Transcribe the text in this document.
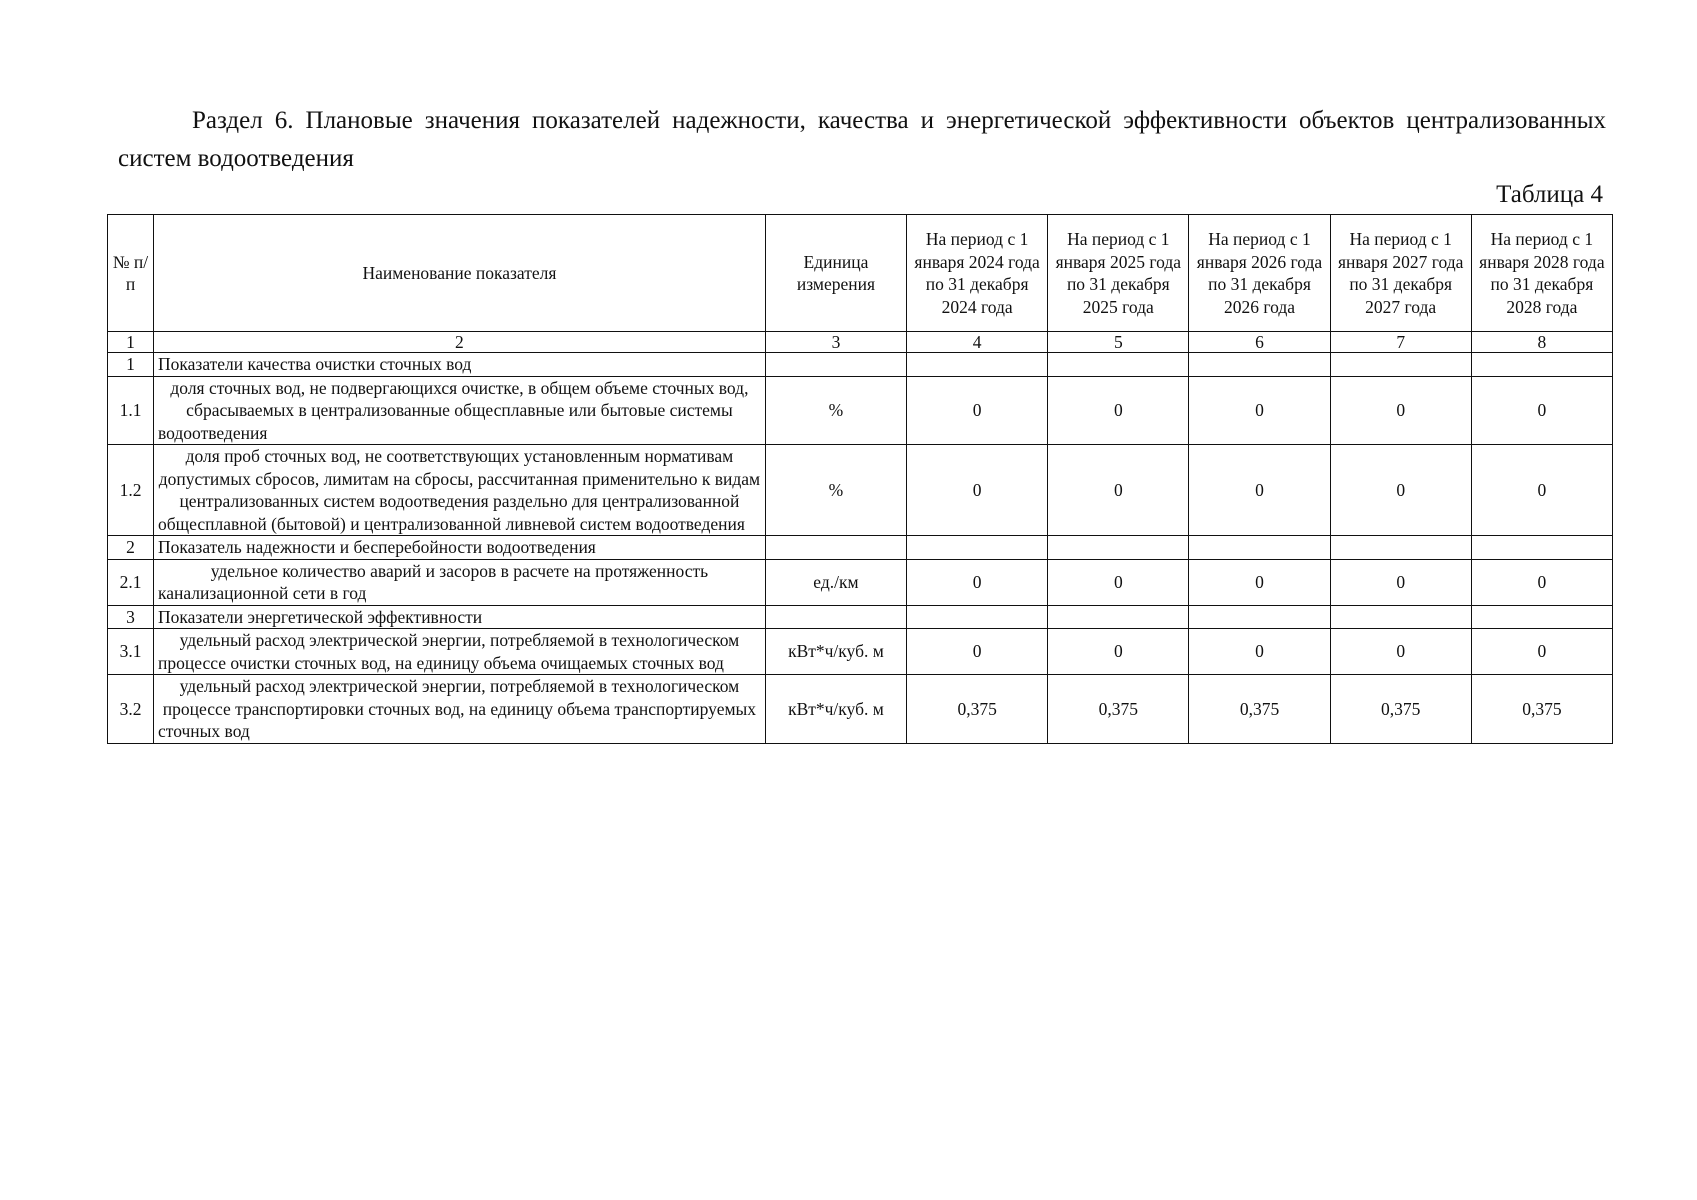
Раздел 6. Плановые значения показателей надежности, качества и энергетической эффективности объектов централизованных систем водоотведения

Таблица 4
№ п/п	Наименование показателя	Единица измерения	На период с 1 января 2024 года по 31 декабря 2024 года	На период с 1 января 2025 года по 31 декабря 2025 года	На период с 1 января 2026 года по 31 декабря 2026 года	На период с 1 января 2027 года по 31 декабря 2027 года	На период с 1 января 2028 года по 31 декабря 2028 года
1	2	3	4	5	6	7	8
1	Показатели качества очистки сточных вод						
1.1	доля сточных вод, не подвергающихся очистке, в общем объеме сточных вод, сбрасываемых в централизованные общесплавные или бытовые системы водоотведения	%	0	0	0	0	0
1.2	доля проб сточных вод, не соответствующих установленным нормативам допустимых сбросов, лимитам на сбросы, рассчитанная применительно к видам централизованных систем водоотведения раздельно для централизованной общесплавной (бытовой) и централизованной ливневой систем водоотведения	%	0	0	0	0	0
2	Показатель надежности и бесперебойности водоотведения						
2.1	удельное количество аварий и засоров в расчете на протяженность канализационной сети в год	ед./км	0	0	0	0	0
3	Показатели энергетической эффективности						
3.1	удельный расход электрической энергии, потребляемой в технологическом процессе очистки сточных вод, на единицу объема очищаемых сточных вод	кВт*ч/куб. м	0	0	0	0	0
3.2	удельный расход электрической энергии, потребляемой в технологическом процессе транспортировки сточных вод, на единицу объема транспортируемых сточных вод	кВт*ч/куб. м	0,375	0,375	0,375	0,375	0,375
